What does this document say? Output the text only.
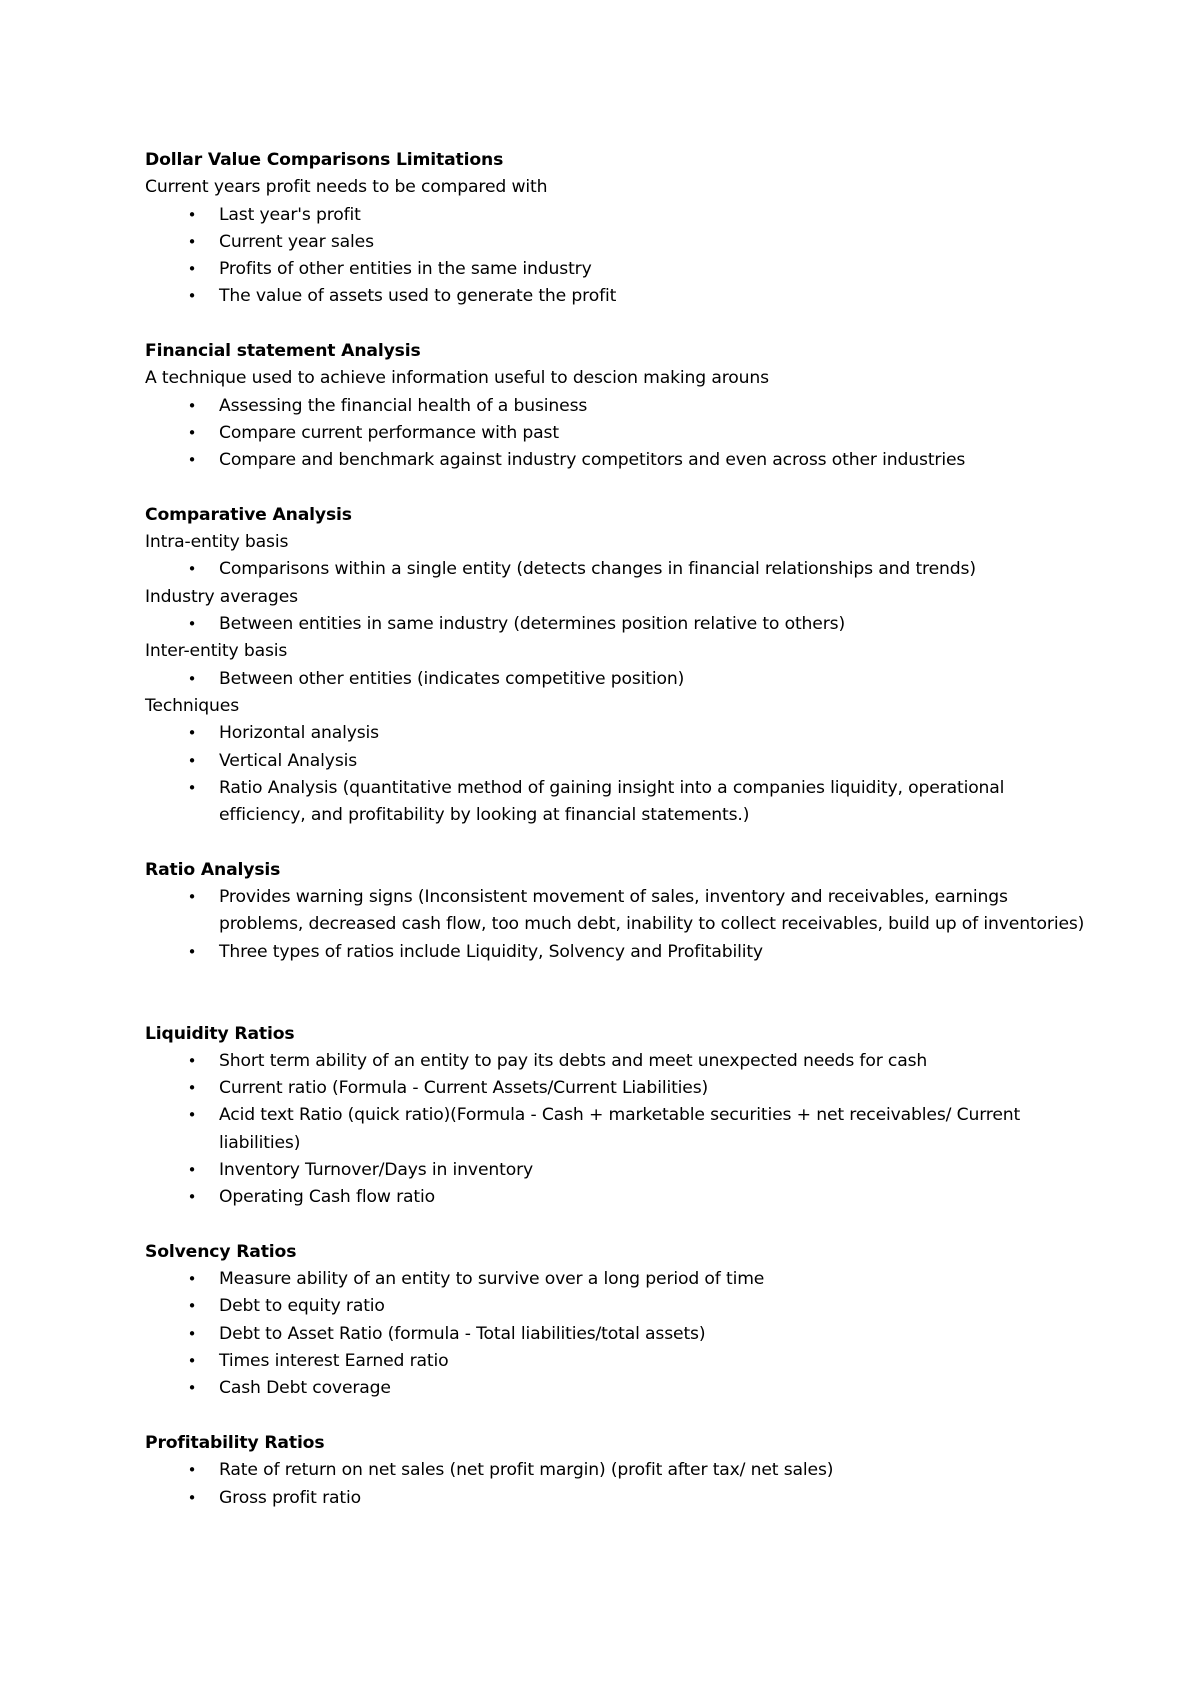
Dollar Value Comparisons Limitations

Current years profit needs to be compared with

• Last year's profit
• Current year sales
• Profits of other entities in the same industry
• The value of assets used to generate the profit

Financial statement Analysis

A technique used to achieve information useful to descion making arouns

• Assessing the financial health of a business
• Compare current performance with past
• Compare and benchmark against industry competitors and even across other industries

Comparative Analysis

Intra-entity basis

• Comparisons within a single entity (detects changes in financial relationships and trends)

Industry averages

• Between entities in same industry (determines position relative to others)

Inter-entity basis

• Between other entities (indicates competitive position)

Techniques

• Horizontal analysis
• Vertical Analysis
• Ratio Analysis (quantitative method of gaining insight into a companies liquidity, operational efficiency, and profitability by looking at financial statements.)

Ratio Analysis

• Provides warning signs (Inconsistent movement of sales, inventory and receivables, earnings problems, decreased cash flow, too much debt, inability to collect receivables, build up of inventories)
• Three types of ratios include Liquidity, Solvency and Profitability

Liquidity Ratios

• Short term ability of an entity to pay its debts and meet unexpected needs for cash
• Current ratio (Formula - Current Assets/Current Liabilities)
• Acid text Ratio (quick ratio)(Formula - Cash + marketable securities + net receivables/ Current liabilities)
• Inventory Turnover/Days in inventory
• Operating Cash flow ratio

Solvency Ratios

• Measure ability of an entity to survive over a long period of time
• Debt to equity ratio
• Debt to Asset Ratio (formula - Total liabilities/total assets)
• Times interest Earned ratio
• Cash Debt coverage

Profitability Ratios

• Rate of return on net sales (net profit margin) (profit after tax/ net sales)
• Gross profit ratio
